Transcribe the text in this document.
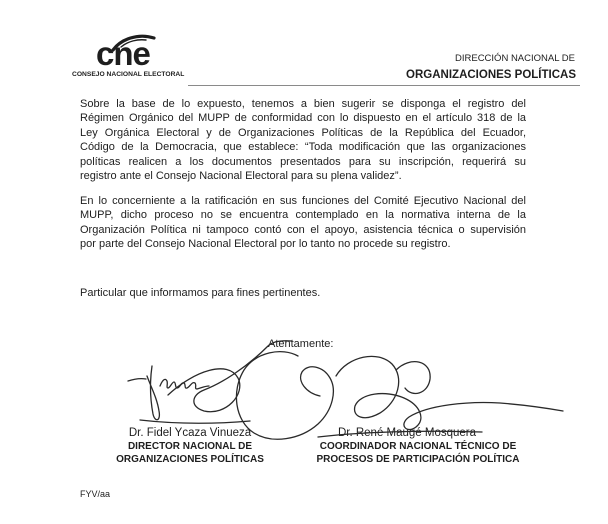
cne
CONSEJO NACIONAL ELECTORAL
DIRECCIÓN NACIONAL DE
ORGANIZACIONES POLÍTICAS
Sobre la base de lo expuesto, tenemos a bien sugerir se disponga el registro del
Régimen Orgánico del MUPP de conformidad con lo dispuesto en el artículo 318 de la
Ley Orgánica Electoral y de Organizaciones Políticas de la República del Ecuador,
Código de la Democracia, que establece: “Toda modificación que las organizaciones
políticas realicen a los documentos presentados para su inscripción, requerirá su
registro ante el Consejo Nacional Electoral para su plena validez”.
En lo concerniente a la ratificación en sus funciones del Comité Ejecutivo Nacional del
MUPP, dicho proceso no se encuentra contemplado en la normativa interna de la
Organización Política ni tampoco contó con el apoyo, asistencia técnica o supervisión
por parte del Consejo Nacional Electoral por lo tanto no procede su registro.
Particular que informamos para fines pertinentes.
Atentamente:
Dr. Fidel Ycaza Vinueza
DIRECTOR NACIONAL DE
ORGANIZACIONES POLÍTICAS
Dr. René Maugé Mosquera
COORDINADOR NACIONAL TÉCNICO DE
PROCESOS DE PARTICIPACIÓN POLÍTICA
FYV/aa
